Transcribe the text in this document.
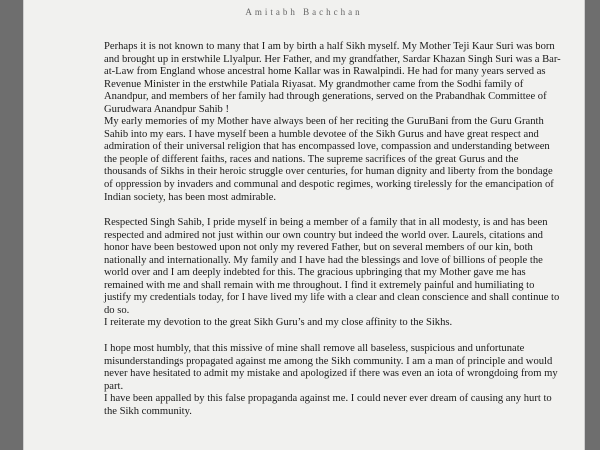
Amitabh Bachchan

Perhaps it is not known to many that I am by birth a half Sikh myself. My Mother Teji Kaur Suri was born and brought up in erstwhile Llyalpur. Her Father, and my grandfather, Sardar Khazan Singh Suri was a Bar-at-Law from England whose ancestral home Kallar was in Rawalpindi. He had for many years served as Revenue Minister in the erstwhile Patiala Riyasat. My grandmother came from the Sodhi family of Anandpur, and members of her family had through generations, served on the Prabandhak Committee of Gurudwara Anandpur Sahib !

My early memories of my Mother have always been of her reciting the GuruBani from the Guru Granth Sahib into my ears. I have myself been a humble devotee of the Sikh Gurus and have great respect and admiration of their universal religion that has encompassed love, compassion and understanding between the people of different faiths, races and nations. The supreme sacrifices of the great Gurus and the thousands of Sikhs in their heroic struggle over centuries, for human dignity and liberty from the bondage of oppression by invaders and communal and despotic regimes, working tirelessly for the emancipation of Indian society, has been most admirable.

Respected Singh Sahib, I pride myself in being a member of a family that in all modesty, is and has been respected and admired not just within our own country but indeed the world over. Laurels, citations and honor have been bestowed upon not only my revered Father, but on several members of our kin, both nationally and internationally. My family and I have had the blessings and love of billions of people the world over and I am deeply indebted for this. The gracious upbringing that my Mother gave me has remained with me and shall remain with me throughout. I find it extremely painful and humiliating to justify my credentials today, for I have lived my life with a clear and clean conscience and shall continue to do so.

I reiterate my devotion to the great Sikh Guru’s and my close affinity to the Sikhs.

I hope most humbly, that this missive of mine shall remove all baseless, suspicious and unfortunate misunderstandings propagated against me among the Sikh community. I am a man of principle and would never have hesitated to admit my mistake and apologized if there was even an iota of wrongdoing from my part.

I have been appalled by this false propaganda against me. I could never ever dream of causing any hurt to the Sikh community.
